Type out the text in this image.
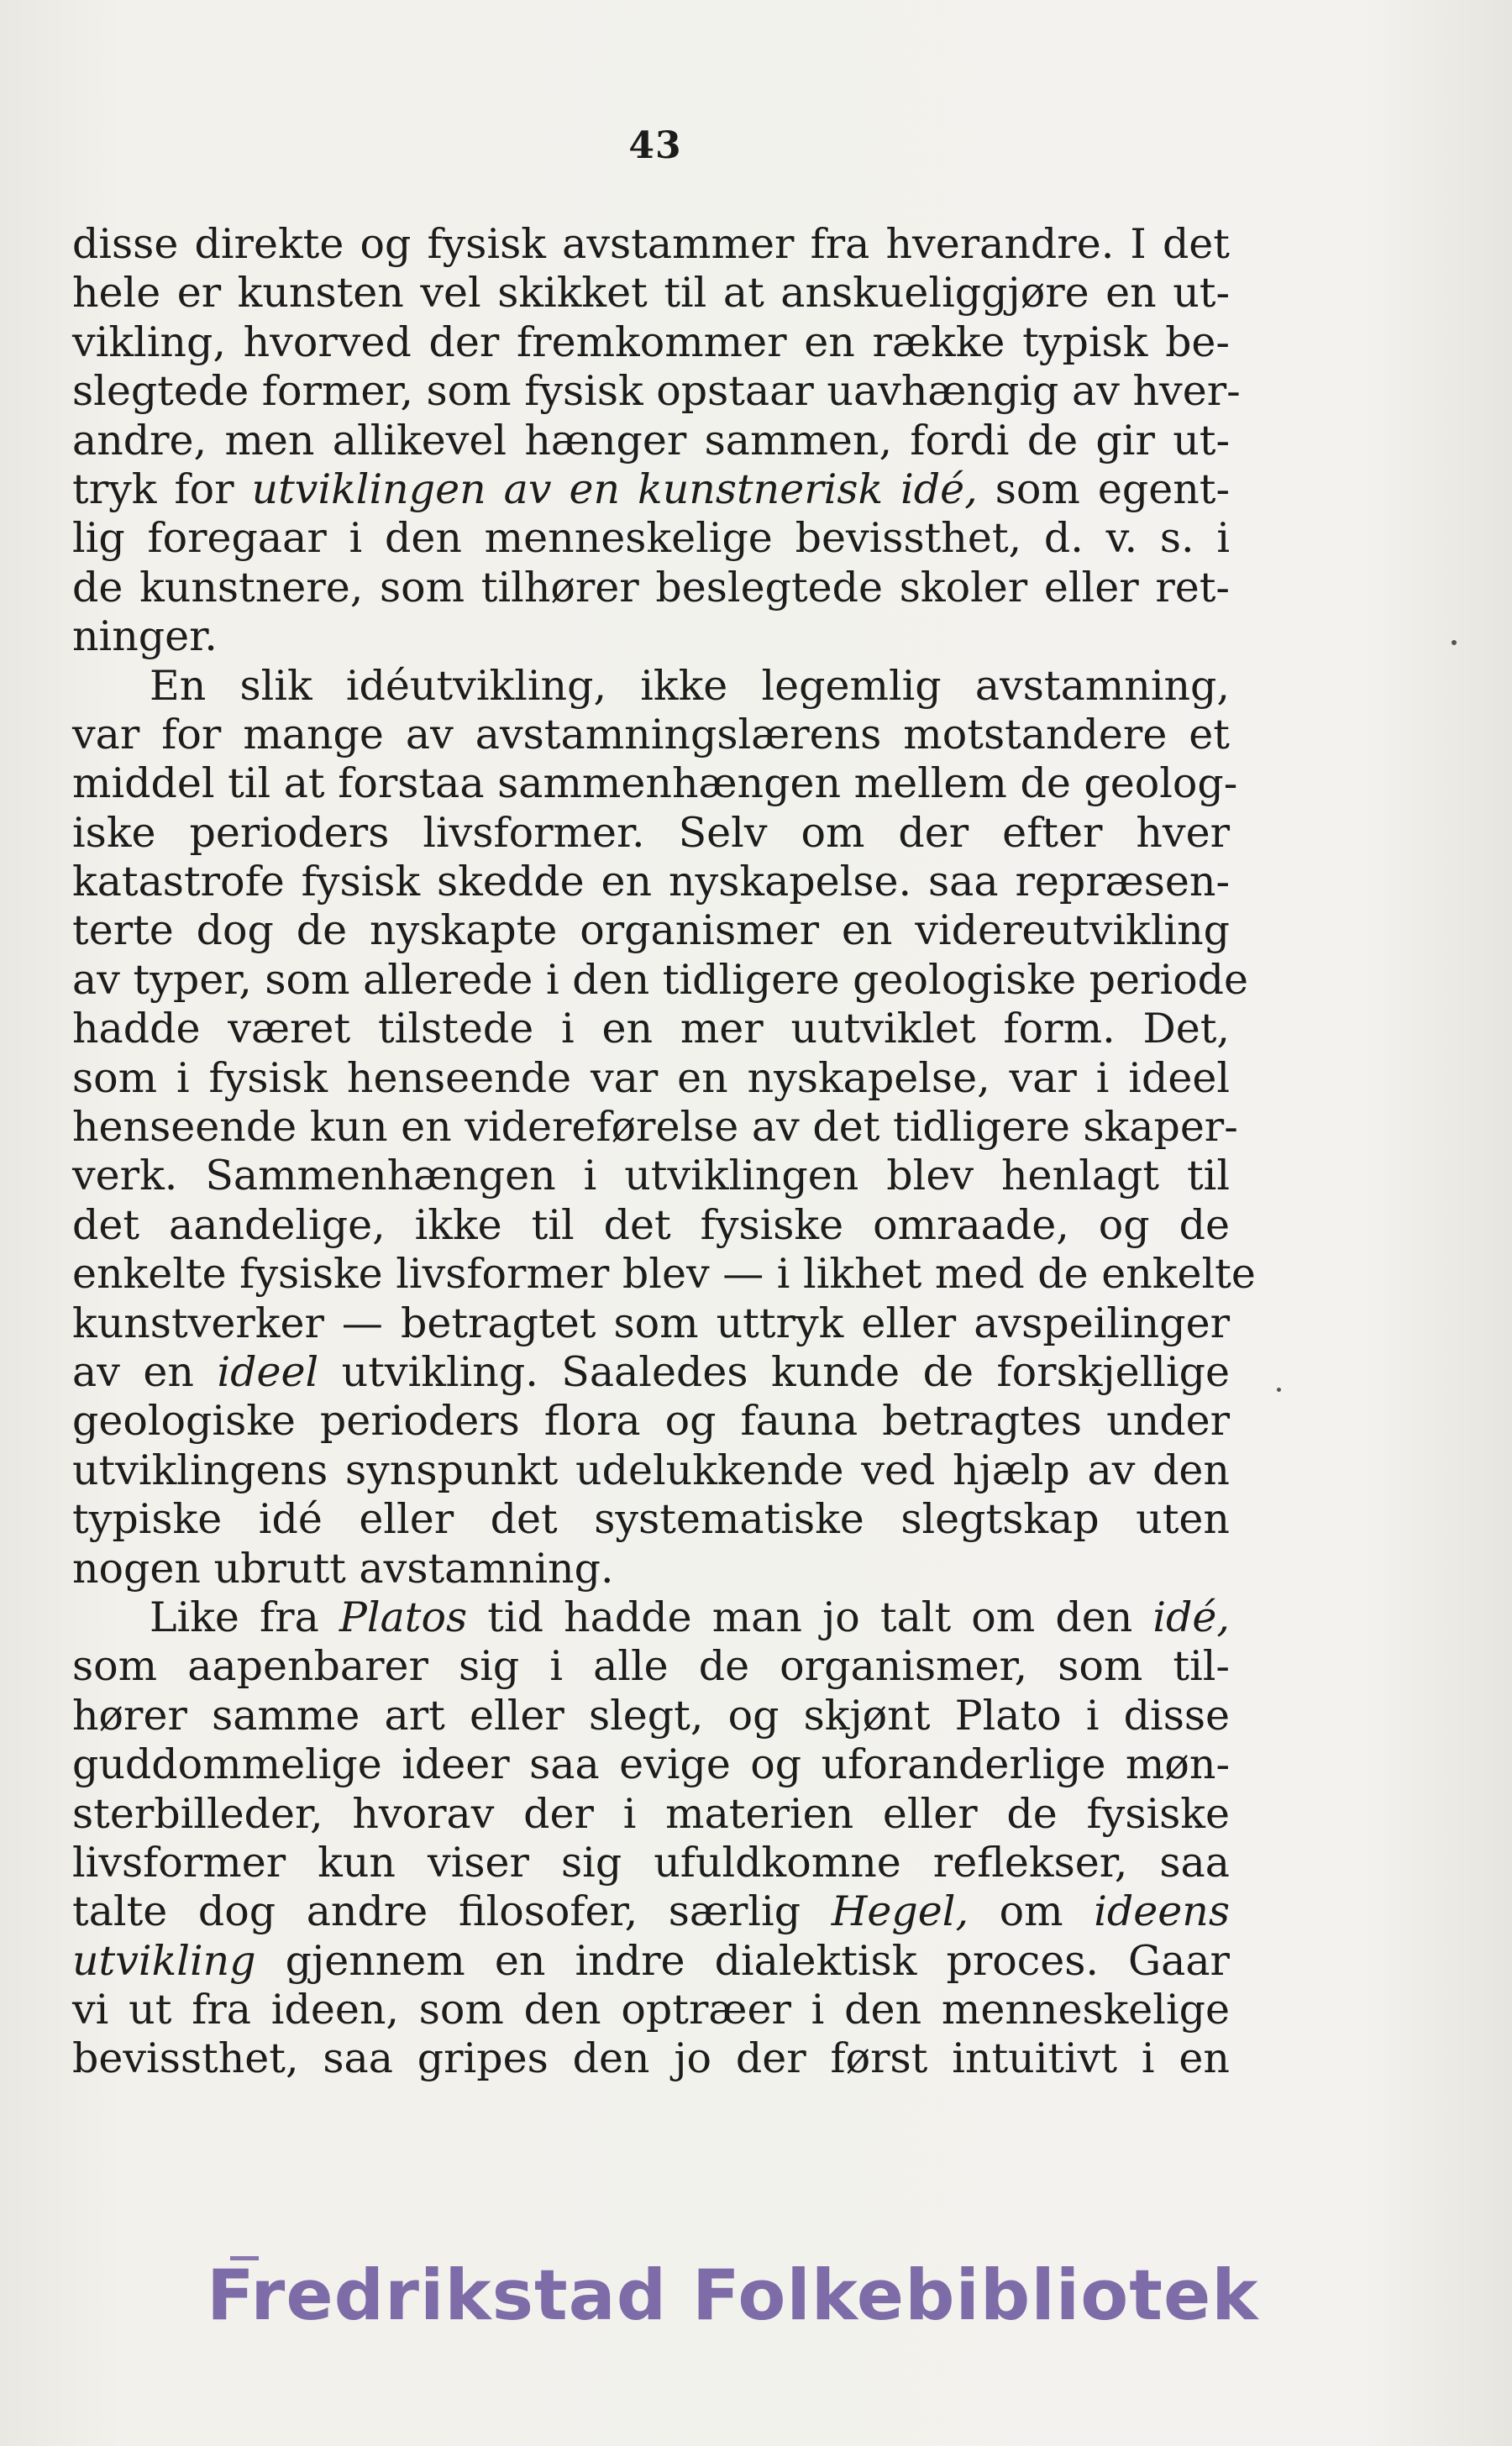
43
disse direkte og fysisk avstammer fra hverandre. I det
hele er kunsten vel skikket til at anskueliggjøre en ut-
vikling, hvorved der fremkommer en række typisk be-
slegtede former, som fysisk opstaar uavhængig av hver-
andre, men allikevel hænger sammen, fordi de gir ut-
tryk for utviklingen av en kunstnerisk idé, som egent-
lig foregaar i den menneskelige bevissthet, d. v. s. i
de kunstnere, som tilhører beslegtede skoler eller ret-
ninger.
En slik idéutvikling, ikke legemlig avstamning,
var for mange av avstamningslærens motstandere et
middel til at forstaa sammenhængen mellem de geolog-
iske perioders livsformer. Selv om der efter hver
katastrofe fysisk skedde en nyskapelse. saa repræsen-
terte dog de nyskapte organismer en videreutvikling
av typer, som allerede i den tidligere geologiske periode
hadde været tilstede i en mer uutviklet form. Det,
som i fysisk henseende var en nyskapelse, var i ideel
henseende kun en videreførelse av det tidligere skaper-
verk. Sammenhængen i utviklingen blev henlagt til
det aandelige, ikke til det fysiske omraade, og de
enkelte fysiske livsformer blev — i likhet med de enkelte
kunstverker — betragtet som uttryk eller avspeilinger
av en ideel utvikling. Saaledes kunde de forskjellige
geologiske perioders flora og fauna betragtes under
utviklingens synspunkt udelukkende ved hjælp av den
typiske idé eller det systematiske slegtskap uten
nogen ubrutt avstamning.
Like fra Platos tid hadde man jo talt om den idé,
som aapenbarer sig i alle de organismer, som til-
hører samme art eller slegt, og skjønt Plato i disse
guddommelige ideer saa evige og uforanderlige møn-
sterbilleder, hvorav der i materien eller de fysiske
livsformer kun viser sig ufuldkomne reflekser, saa
talte dog andre filosofer, særlig Hegel, om ideens
utvikling gjennem en indre dialektisk proces. Gaar
vi ut fra ideen, som den optræer i den menneskelige
bevissthet, saa gripes den jo der først intuitivt i en
Fredrikstad Folkebibliotek
